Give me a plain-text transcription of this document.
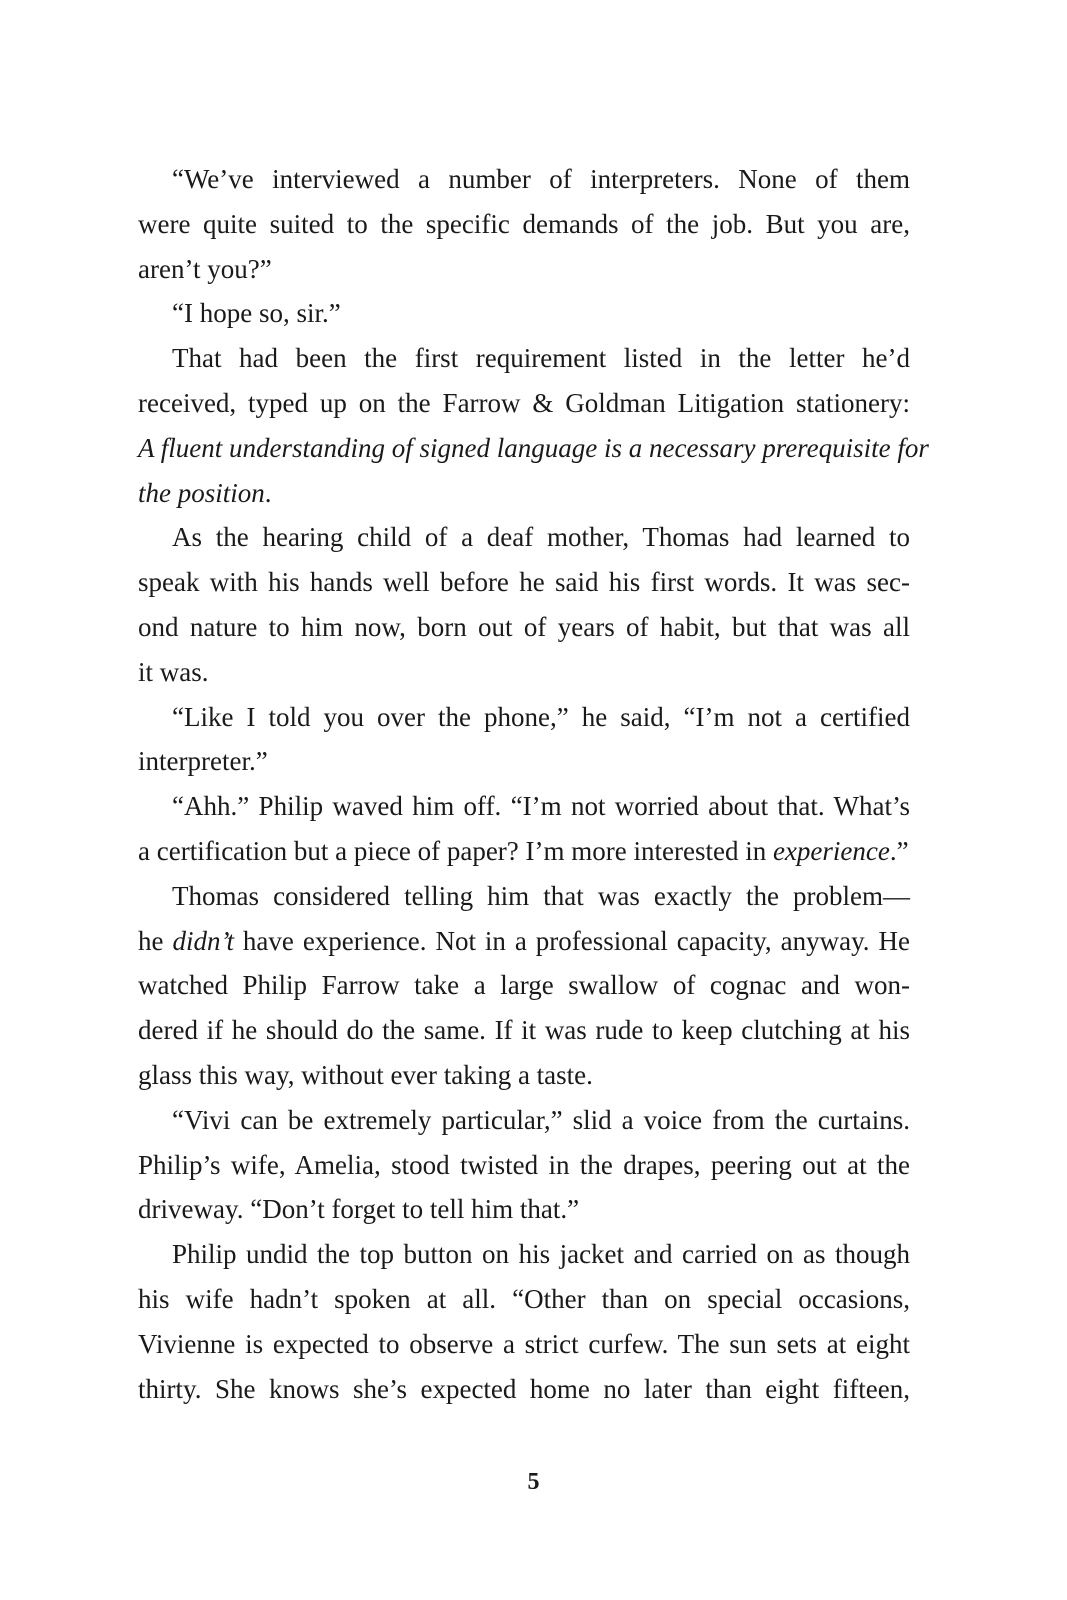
“We’ve interviewed a number of interpreters. None of them
were quite suited to the specific demands of the job. But you are,
aren’t you?”
“I hope so, sir.”
That had been the first requirement listed in the letter he’d
received, typed up on the Farrow & Goldman Litigation stationery:
A fluent understanding of signed language is a necessary prerequisite for
the position.
As the hearing child of a deaf mother, Thomas had learned to
speak with his hands well before he said his first words. It was sec-
ond nature to him now, born out of years of habit, but that was all
it was.
“Like I told you over the phone,” he said, “I’m not a certified
interpreter.”
“Ahh.” Philip waved him off. “I’m not worried about that. What’s
a certification but a piece of paper? I’m more interested in experience.”
Thomas considered telling him that was exactly the problem—
he didn’t have experience. Not in a professional capacity, anyway. He
watched Philip Farrow take a large swallow of cognac and won-
dered if he should do the same. If it was rude to keep clutching at his
glass this way, without ever taking a taste.
“Vivi can be extremely particular,” slid a voice from the curtains.
Philip’s wife, Amelia, stood twisted in the drapes, peering out at the
driveway. “Don’t forget to tell him that.”
Philip undid the top button on his jacket and carried on as though
his wife hadn’t spoken at all. “Other than on special occasions,
Vivienne is expected to observe a strict curfew. The sun sets at eight
thirty. She knows she’s expected home no later than eight fifteen,
5
